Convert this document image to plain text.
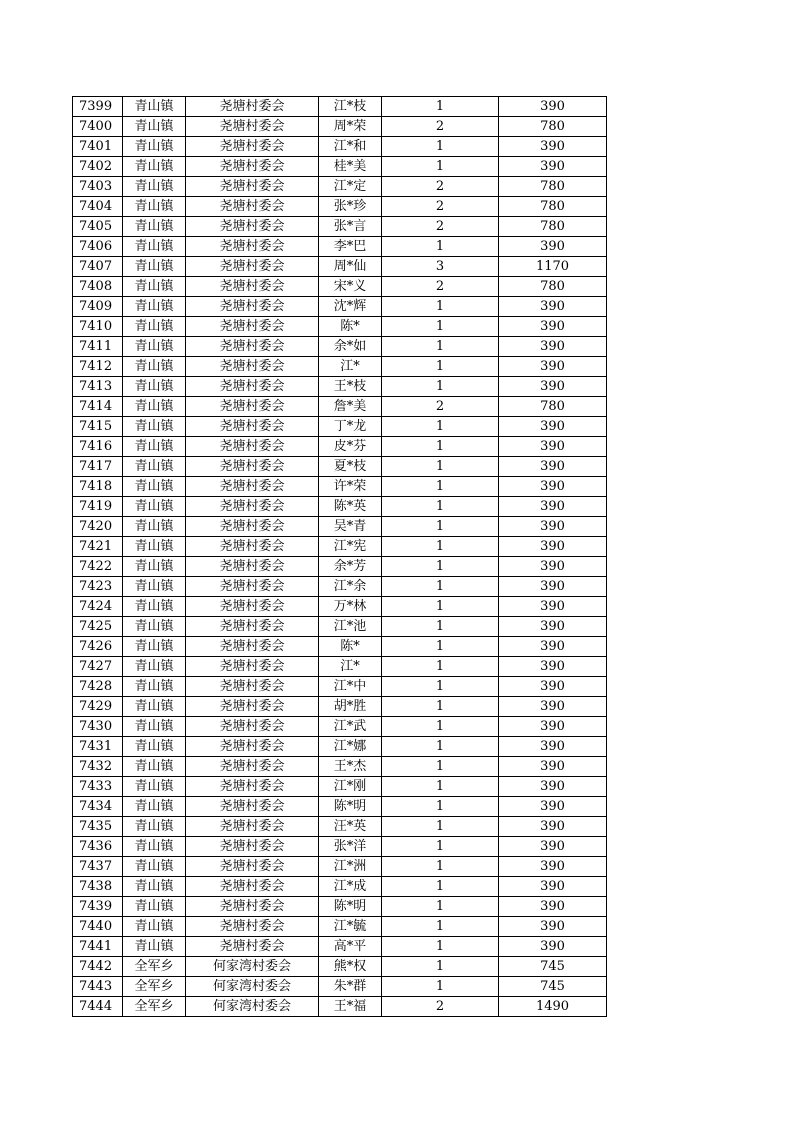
7399	青山镇	尧塘村委会	江*枝	1	390
7400	青山镇	尧塘村委会	周*荣	2	780
7401	青山镇	尧塘村委会	江*和	1	390
7402	青山镇	尧塘村委会	桂*美	1	390
7403	青山镇	尧塘村委会	江*定	2	780
7404	青山镇	尧塘村委会	张*珍	2	780
7405	青山镇	尧塘村委会	张*言	2	780
7406	青山镇	尧塘村委会	李*巴	1	390
7407	青山镇	尧塘村委会	周*仙	3	1170
7408	青山镇	尧塘村委会	宋*义	2	780
7409	青山镇	尧塘村委会	沈*辉	1	390
7410	青山镇	尧塘村委会	陈*	1	390
7411	青山镇	尧塘村委会	余*如	1	390
7412	青山镇	尧塘村委会	江*	1	390
7413	青山镇	尧塘村委会	王*枝	1	390
7414	青山镇	尧塘村委会	詹*美	2	780
7415	青山镇	尧塘村委会	丁*龙	1	390
7416	青山镇	尧塘村委会	皮*芬	1	390
7417	青山镇	尧塘村委会	夏*枝	1	390
7418	青山镇	尧塘村委会	许*荣	1	390
7419	青山镇	尧塘村委会	陈*英	1	390
7420	青山镇	尧塘村委会	吴*青	1	390
7421	青山镇	尧塘村委会	江*宪	1	390
7422	青山镇	尧塘村委会	余*芳	1	390
7423	青山镇	尧塘村委会	江*余	1	390
7424	青山镇	尧塘村委会	万*林	1	390
7425	青山镇	尧塘村委会	江*池	1	390
7426	青山镇	尧塘村委会	陈*	1	390
7427	青山镇	尧塘村委会	江*	1	390
7428	青山镇	尧塘村委会	江*中	1	390
7429	青山镇	尧塘村委会	胡*胜	1	390
7430	青山镇	尧塘村委会	江*武	1	390
7431	青山镇	尧塘村委会	江*娜	1	390
7432	青山镇	尧塘村委会	王*杰	1	390
7433	青山镇	尧塘村委会	江*刚	1	390
7434	青山镇	尧塘村委会	陈*明	1	390
7435	青山镇	尧塘村委会	汪*英	1	390
7436	青山镇	尧塘村委会	张*洋	1	390
7437	青山镇	尧塘村委会	江*洲	1	390
7438	青山镇	尧塘村委会	江*成	1	390
7439	青山镇	尧塘村委会	陈*明	1	390
7440	青山镇	尧塘村委会	江*毓	1	390
7441	青山镇	尧塘村委会	高*平	1	390
7442	全军乡	何家湾村委会	熊*权	1	745
7443	全军乡	何家湾村委会	朱*群	1	745
7444	全军乡	何家湾村委会	王*福	2	1490
